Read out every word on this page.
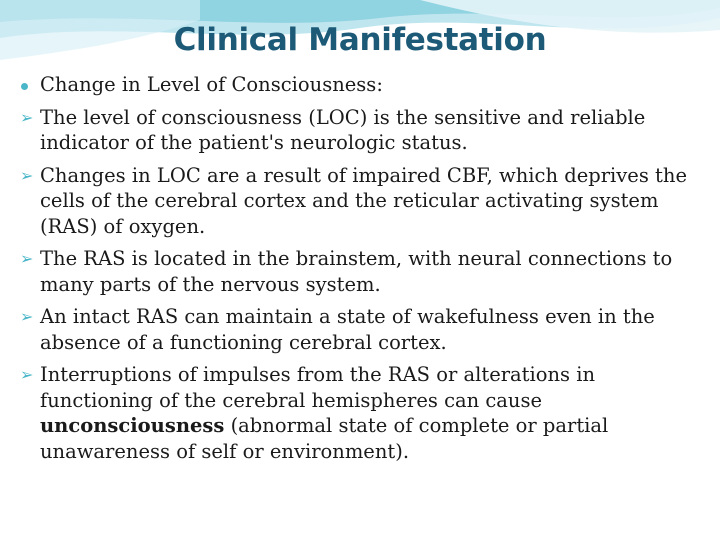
Clinical Manifestation
Change in Level of Consciousness:
➢ The level of consciousness (LOC) is the sensitive and reliable indicator of the patient's neurologic status.
➢ Changes in LOC are a result of impaired CBF, which deprives the cells of the cerebral cortex and the reticular activating system (RAS) of oxygen.
➢ The RAS is located in the brainstem, with neural connections to many parts of the nervous system.
➢ An intact RAS can maintain a state of wakefulness even in the absence of a functioning cerebral cortex.
➢ Interruptions of impulses from the RAS or alterations in functioning of the cerebral hemispheres can cause unconsciousness (abnormal state of complete or partial unawareness of self or environment).
